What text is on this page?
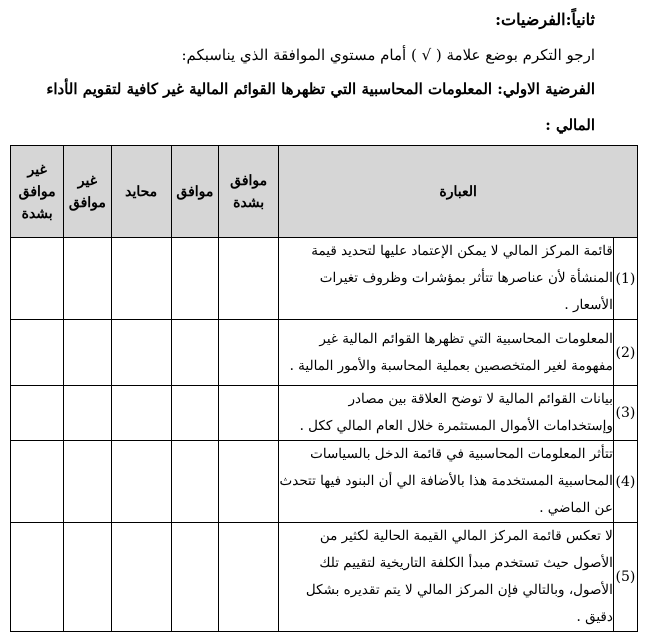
ثانياً:الفرضيات:
ارجو التكرم بوضع علامة ( √ ) أمام مستوي الموافقة الذي يناسبكم:
الفرضية الاولي: المعلومات المحاسبية التي تظهرها القوائم المالية غير كافية لتقويم الأداء
المالي :
العبارة		موافق بشدة	موافق	محايد	غير موافق	غير موافق بشدة
(1)	قائمة المركز المالي لا يمكن الإعتماد عليها لتحديد قيمة المنشأة لأن عناصرها تتأثر بمؤشرات وظروف تغيرات الأسعار .					
(2)	المعلومات المحاسبية التي تظهرها القوائم المالية غير مفهومة لغير المتخصصين بعملية المحاسبة والأمور المالية .					
(3)	بيانات القوائم المالية لا توضح العلاقة بين مصادر وإستخدامات الأموال المستثمرة خلال العام المالي ككل .					
(4)	تتأثر المعلومات المحاسبية في قائمة الدخل بالسياسات المحاسبية المستخدمة هذا بالأضافة الي أن البنود فيها تتحدث عن الماضي .					
(5)	لا تعكس قائمة المركز المالي القيمة الحالية لكثير من الأصول حيث تستخدم مبدأ الكلفة التاريخية لتقييم تلك الأصول، وبالتالي فإن المركز المالي لا يتم تقديره بشكل دقيق .					
